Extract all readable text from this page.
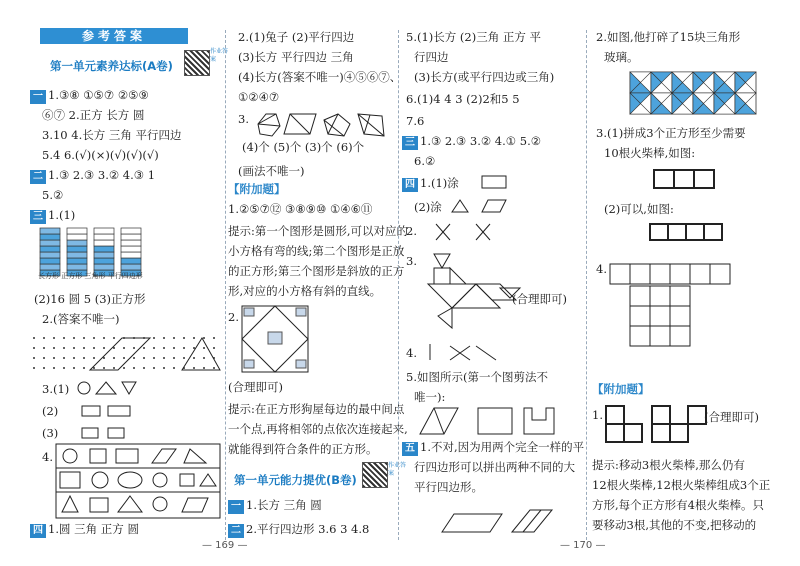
参考答案
第一单元素养达标(A卷)
作业答案
一 1.③⑧ ①⑤⑦ ②⑤⑨
⑥⑦ 2.正方 长方 圆
3.10 4.长方 三角 平行四边
5.4 6.(√)(×)(√)(√)(√)
二 1.③ 2.③ 3.② 4.③ 1
5.②
三 1.(1)
长方形 正方形 三角形 平行四边形
(2)16 圆 5 (3)正方形
2.(答案不唯一)
3.(1)
(2)
(3)
4.
四 1.圆 三角 正方 圆
2.(1)兔子 (2)平行四边
(3)长方 平行四边 三角
(4)长方(答案不唯一)④⑤⑥⑦、
①②④⑦
3.
(4)个 (5)个 (3)个 (6)个
(画法不唯一)
【附加题】
1.②⑤⑦⑫ ③⑧⑨⑩ ①④⑥⑪
提示:第一个图形是圆形,可以对应的
小方格有弯的线;第二个图形是正放
的正方形;第三个图形是斜放的正方
形,对应的小方格有斜的直线。
2.
(合理即可)
提示:在正方形狗屋每边的最中间点
一个点,再将相邻的点依次连接起来,
就能得到符合条件的正方形。
一 1.长方 三角 圆
二 2.平行四边形 3.6 3 4.8
第一单元能力提优(B卷)
作业答案
5.(1)长方 (2)三角 正方 平
行四边
(3)长方(或平行四边或三角)
6.(1)4 4 3 (2)2和5 5
7.6
三 1.③ 2.③ 3.② 4.① 5.②
6.②
四 1.(1)涂
(2)涂
2.
3.
(合理即可)
4.
5.如图所示(第一个图剪法不
唯一):
五 1.不对,因为用两个完全一样的平
行四边形可以拼出两种不同的大
平行四边形。
2.如图,他打碎了15块三角形
玻璃。
3.(1)拼成3个正方形至少需要
10根火柴棒,如图:
(2)可以,如图:
4.
【附加题】
1.	(合理即可)
提示:移动3根火柴棒,那么仍有
12根火柴棒,12根火柴棒组成3个正
方形,每个正方形有4根火柴棒。只
要移动3根,其他的不变,把移动的
— 169 —	— 170 —
